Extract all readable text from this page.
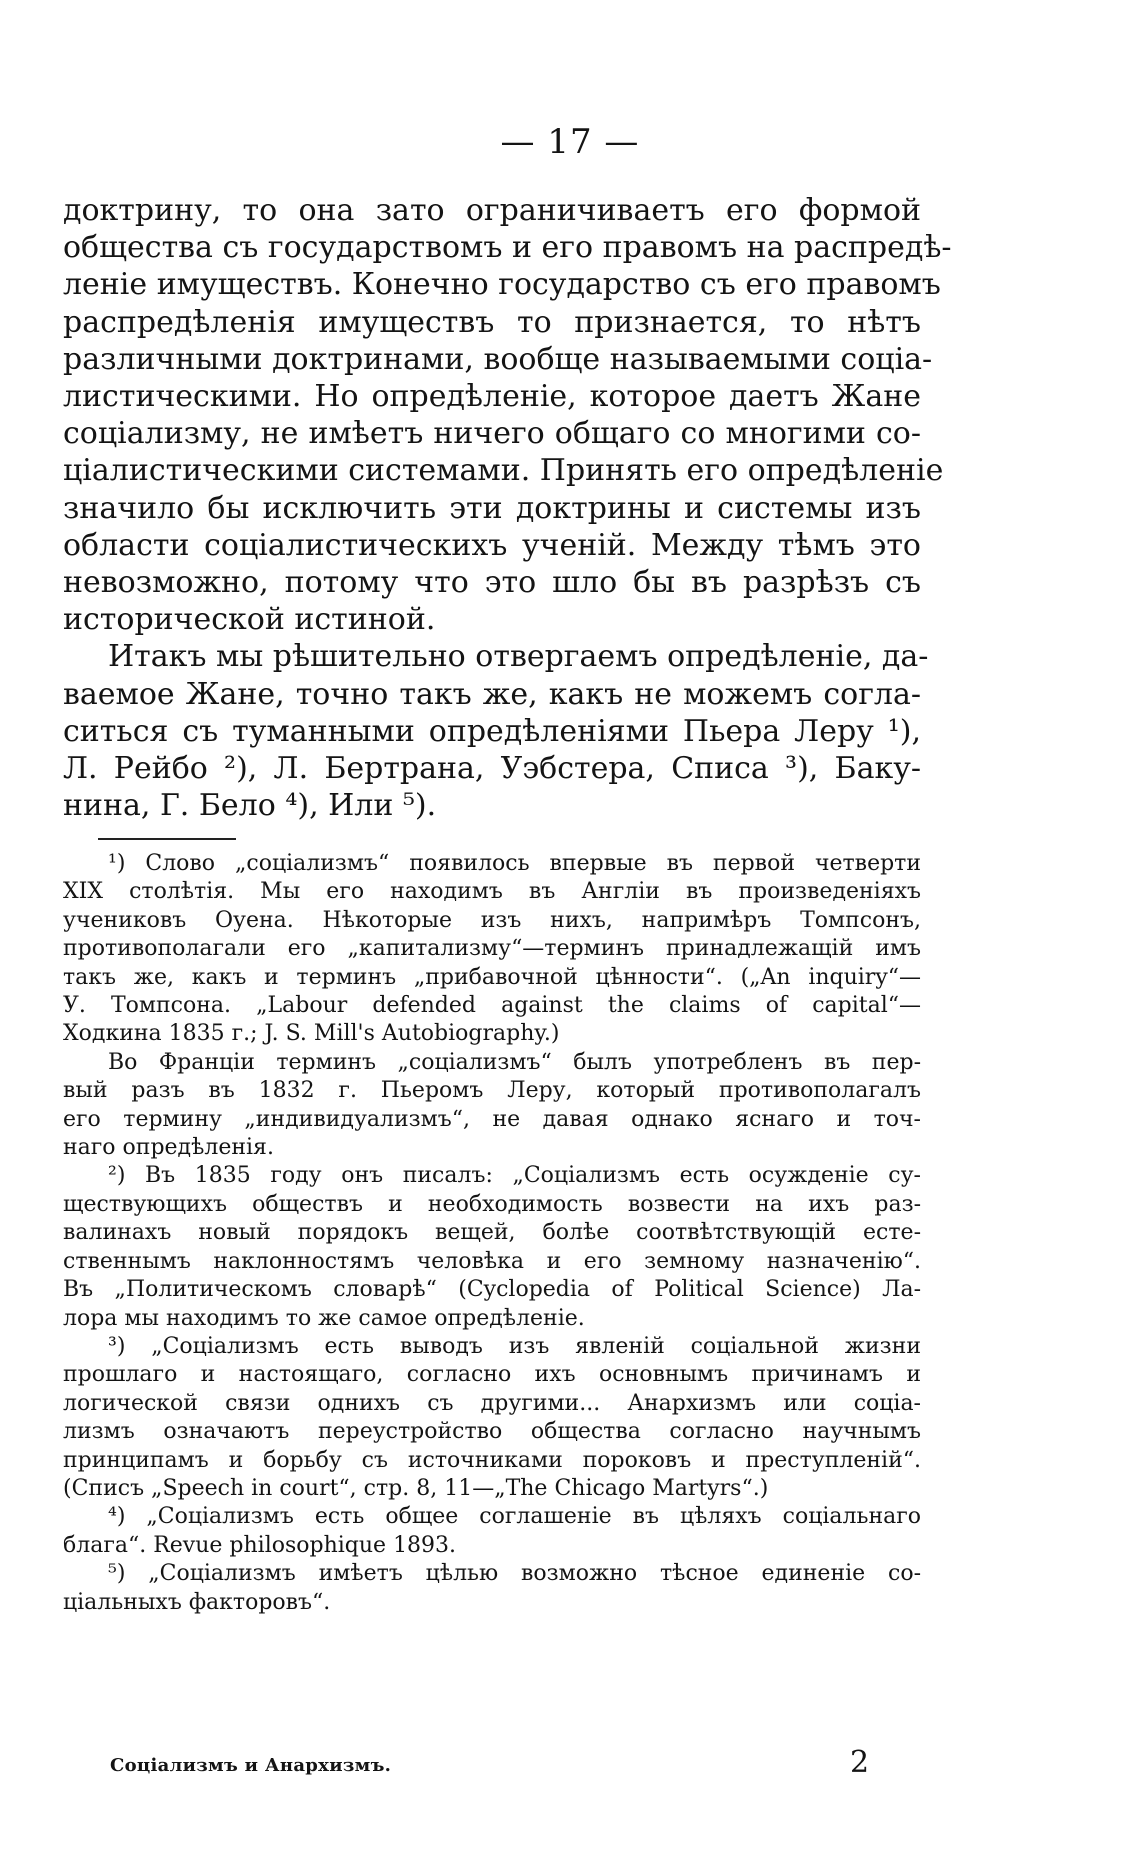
— 17 —
доктрину, то она зато ограничиваетъ его формой
общества съ государствомъ и его правомъ на распредѣ-
ленiе имуществъ. Конечно государство съ его правомъ
распредѣленiя имуществъ то признается, то нѣтъ
различными доктринами, вообще называемыми соцiа-
листическими. Но опредѣленiе, которое даетъ Жане
соцiализму, не имѣетъ ничего общаго со многими со-
цiалистическими системами. Принять его опредѣленiе
значило бы исключить эти доктрины и системы изъ
области соцiалистическихъ ученiй. Между тѣмъ это
невозможно, потому что это шло бы въ разрѣзъ съ
исторической истиной.
Итакъ мы рѣшительно отвергаемъ опредѣленiе, да-
ваемое Жане, точно такъ же, какъ не можемъ согла-
ситься съ туманными опредѣленiями Пьера Леру ¹),
Л. Рейбо ²), Л. Бертрана, Уэбстера, Списа ³), Баку-
нина, Г. Бело ⁴), Или ⁵).
¹) Слово „соцiализмъ“ появилось впервые въ первой четверти
XIX столѣтiя. Мы его находимъ въ Англiи въ произведенiяхъ
учениковъ Оуена. Нѣкоторые изъ нихъ, напримѣръ Томпсонъ,
противополагали его „капитализму“—терминъ принадлежащiй имъ
такъ же, какъ и терминъ „прибавочной цѣнности“. („An inquiry“—
У. Томпсона. „Labour defended against the claims of capital“—
Ходкина 1835 г.; J. S. Mill's Autobiography.)
Во Францiи терминъ „соцiализмъ“ былъ употребленъ въ пер-
вый разъ въ 1832 г. Пьеромъ Леру, который противополагалъ
его термину „индивидуализмъ“, не давая однако яснаго и точ-
наго опредѣленiя.
²) Въ 1835 году онъ писалъ: „Соцiализмъ есть осужденiе су-
ществующихъ обществъ и необходимость возвести на ихъ раз-
валинахъ новый порядокъ вещей, болѣе соотвѣтствующiй есте-
ственнымъ наклонностямъ человѣка и его земному назначенiю“.
Въ „Политическомъ словарѣ“ (Cyclopedia of Political Science) Ла-
лора мы находимъ то же самое опредѣленiе.
³) „Соцiализмъ есть выводъ изъ явленiй соцiальной жизни
прошлаго и настоящаго, согласно ихъ основнымъ причинамъ и
логической связи однихъ съ другими... Анархизмъ или соцiа-
лизмъ означаютъ переустройство общества согласно научнымъ
принципамъ и борьбу съ источниками пороковъ и преступленiй“.
(Списъ „Speech in court“, стр. 8, 11—„The Chicago Martyrs“.)
⁴) „Соцiализмъ есть общее соглашенiе въ цѣляхъ соцiальнаго
блага“. Revue philosophique 1893.
⁵) „Соцiализмъ имѣетъ цѣлью возможно тѣсное единенiе со-
цiальныхъ факторовъ“.
Соцiализмъ и Анархизмъ.	2
